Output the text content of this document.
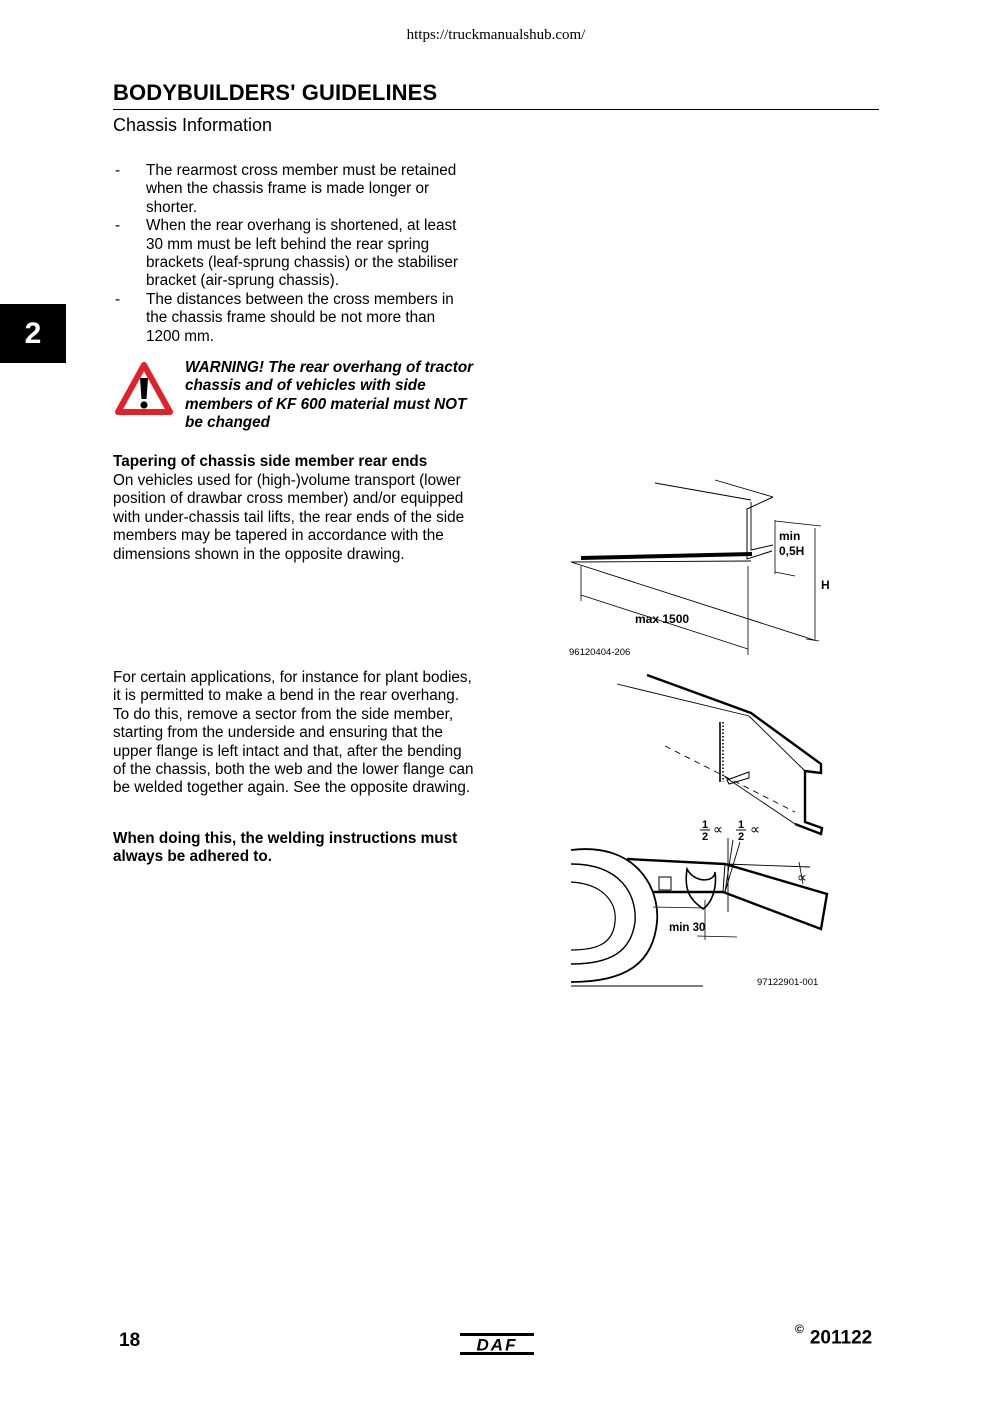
https://truckmanualshub.com/
BODYBUILDERS' GUIDELINES
Chassis Information
2
- The rearmost cross member must be retained when the chassis frame is made longer or shorter.
- When the rear overhang is shortened, at least 30 mm must be left behind the rear spring brackets (leaf-sprung chassis) or the stabiliser bracket (air-sprung chassis).
- The distances between the cross members in the chassis frame should be not more than 1200 mm.
WARNING! The rear overhang of tractor chassis and of vehicles with side members of KF 600 material must NOT be changed
Tapering of chassis side member rear ends
On vehicles used for (high-)volume transport (lower position of drawbar cross member) and/or equipped with under-chassis tail lifts, the rear ends of the side members may be tapered in accordance with the dimensions shown in the opposite drawing.
For certain applications, for instance for plant bodies, it is permitted to make a bend in the rear overhang. To do this, remove a sector from the side member, starting from the underside and ensuring that the upper flange is left intact and that, after the bending of the chassis, both the web and the lower flange can be welded together again. See the opposite drawing.
When doing this, the welding instructions must always be adhered to.
min
0,5H
H
max 1500
96120404-206
1
2 ∝ 1
2 ∝
∝
min 30
97122901-001
18	DAF
© 201122
